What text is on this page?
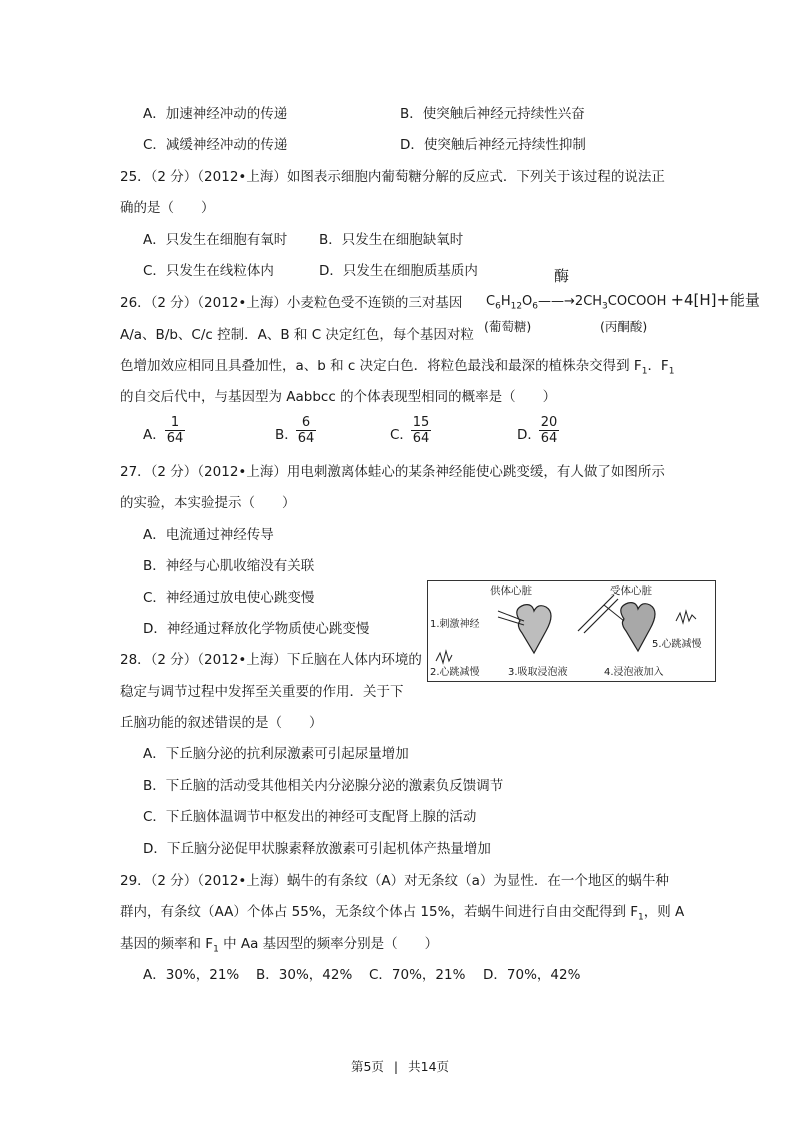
A．加速神经冲动的传递	B．使突触后神经元持续性兴奋
C．减缓神经冲动的传递	D．使突触后神经元持续性抑制
25．（2 分）（2012•上海）如图表示细胞内葡萄糖分解的反应式．下列关于该过程的说法正
确的是（　　）
A．只发生在细胞有氧时 B．只发生在细胞缺氧时
C．只发生在线粒体内	D．只发生在细胞质基质内	酶
$C_6H_{12}O_6——\to 2CH_3COCOOH +4[H]+$能量
(葡萄糖)	(丙酮酸)
26．（2 分）（2012•上海）小麦粒色受不连锁的三对基因
A/a、B/b、C/c 控制．A、B 和 C 决定红色，每个基因对粒
色增加效应相同且具叠加性，a、b 和 c 决定白色．将粒色最浅和最深的植株杂交得到 $F_1$．$F_1$
的自交后代中，与基因型为 Aabbcc 的个体表现型相同的概率是（　　）
A． $\frac{1}{64}$	B．
$\frac{6}{64}$	C．
$\frac{15}{64}$	D．
$\frac{20}{64}$
27．（2 分）（2012•上海）用电刺激离体蛙心的某条神经能使心跳变缓，有人做了如图所示
的实验，本实验提示（　　）
A．电流通过神经传导
B．神经与心肌收缩没有关联
C．神经通过放电使心跳变慢
D．神经通过释放化学物质使心跳变慢
供体心脏	受体心脏
1.刺激神经
2.心跳减慢	3.吸取浸泡液	4.浸泡液加入
5.心跳减慢
28．（2 分）（2012•上海）下丘脑在人体内环境的
稳定与调节过程中发挥至关重要的作用．关于下
丘脑功能的叙述错误的是（　　）
A．下丘脑分泌的抗利尿激素可引起尿量增加
B．下丘脑的活动受其他相关内分泌腺分泌的激素负反馈调节
C．下丘脑体温调节中枢发出的神经可支配肾上腺的活动
D．下丘脑分泌促甲状腺素释放激素可引起机体产热量增加
29．（2 分）（2012•上海）蜗牛的有条纹（A）对无条纹（a）为显性．在一个地区的蜗牛种
群内，有条纹（AA）个体占 55%，无条纹个体占 15%，若蜗牛间进行自由交配得到 $F_1$，则 A
基因的频率和 $F_1$ 中 Aa 基因型的频率分别是（　　）
A．30%，21% B．30%，42% C．70%，21% D．70%，42%
第5页 | 共14页
